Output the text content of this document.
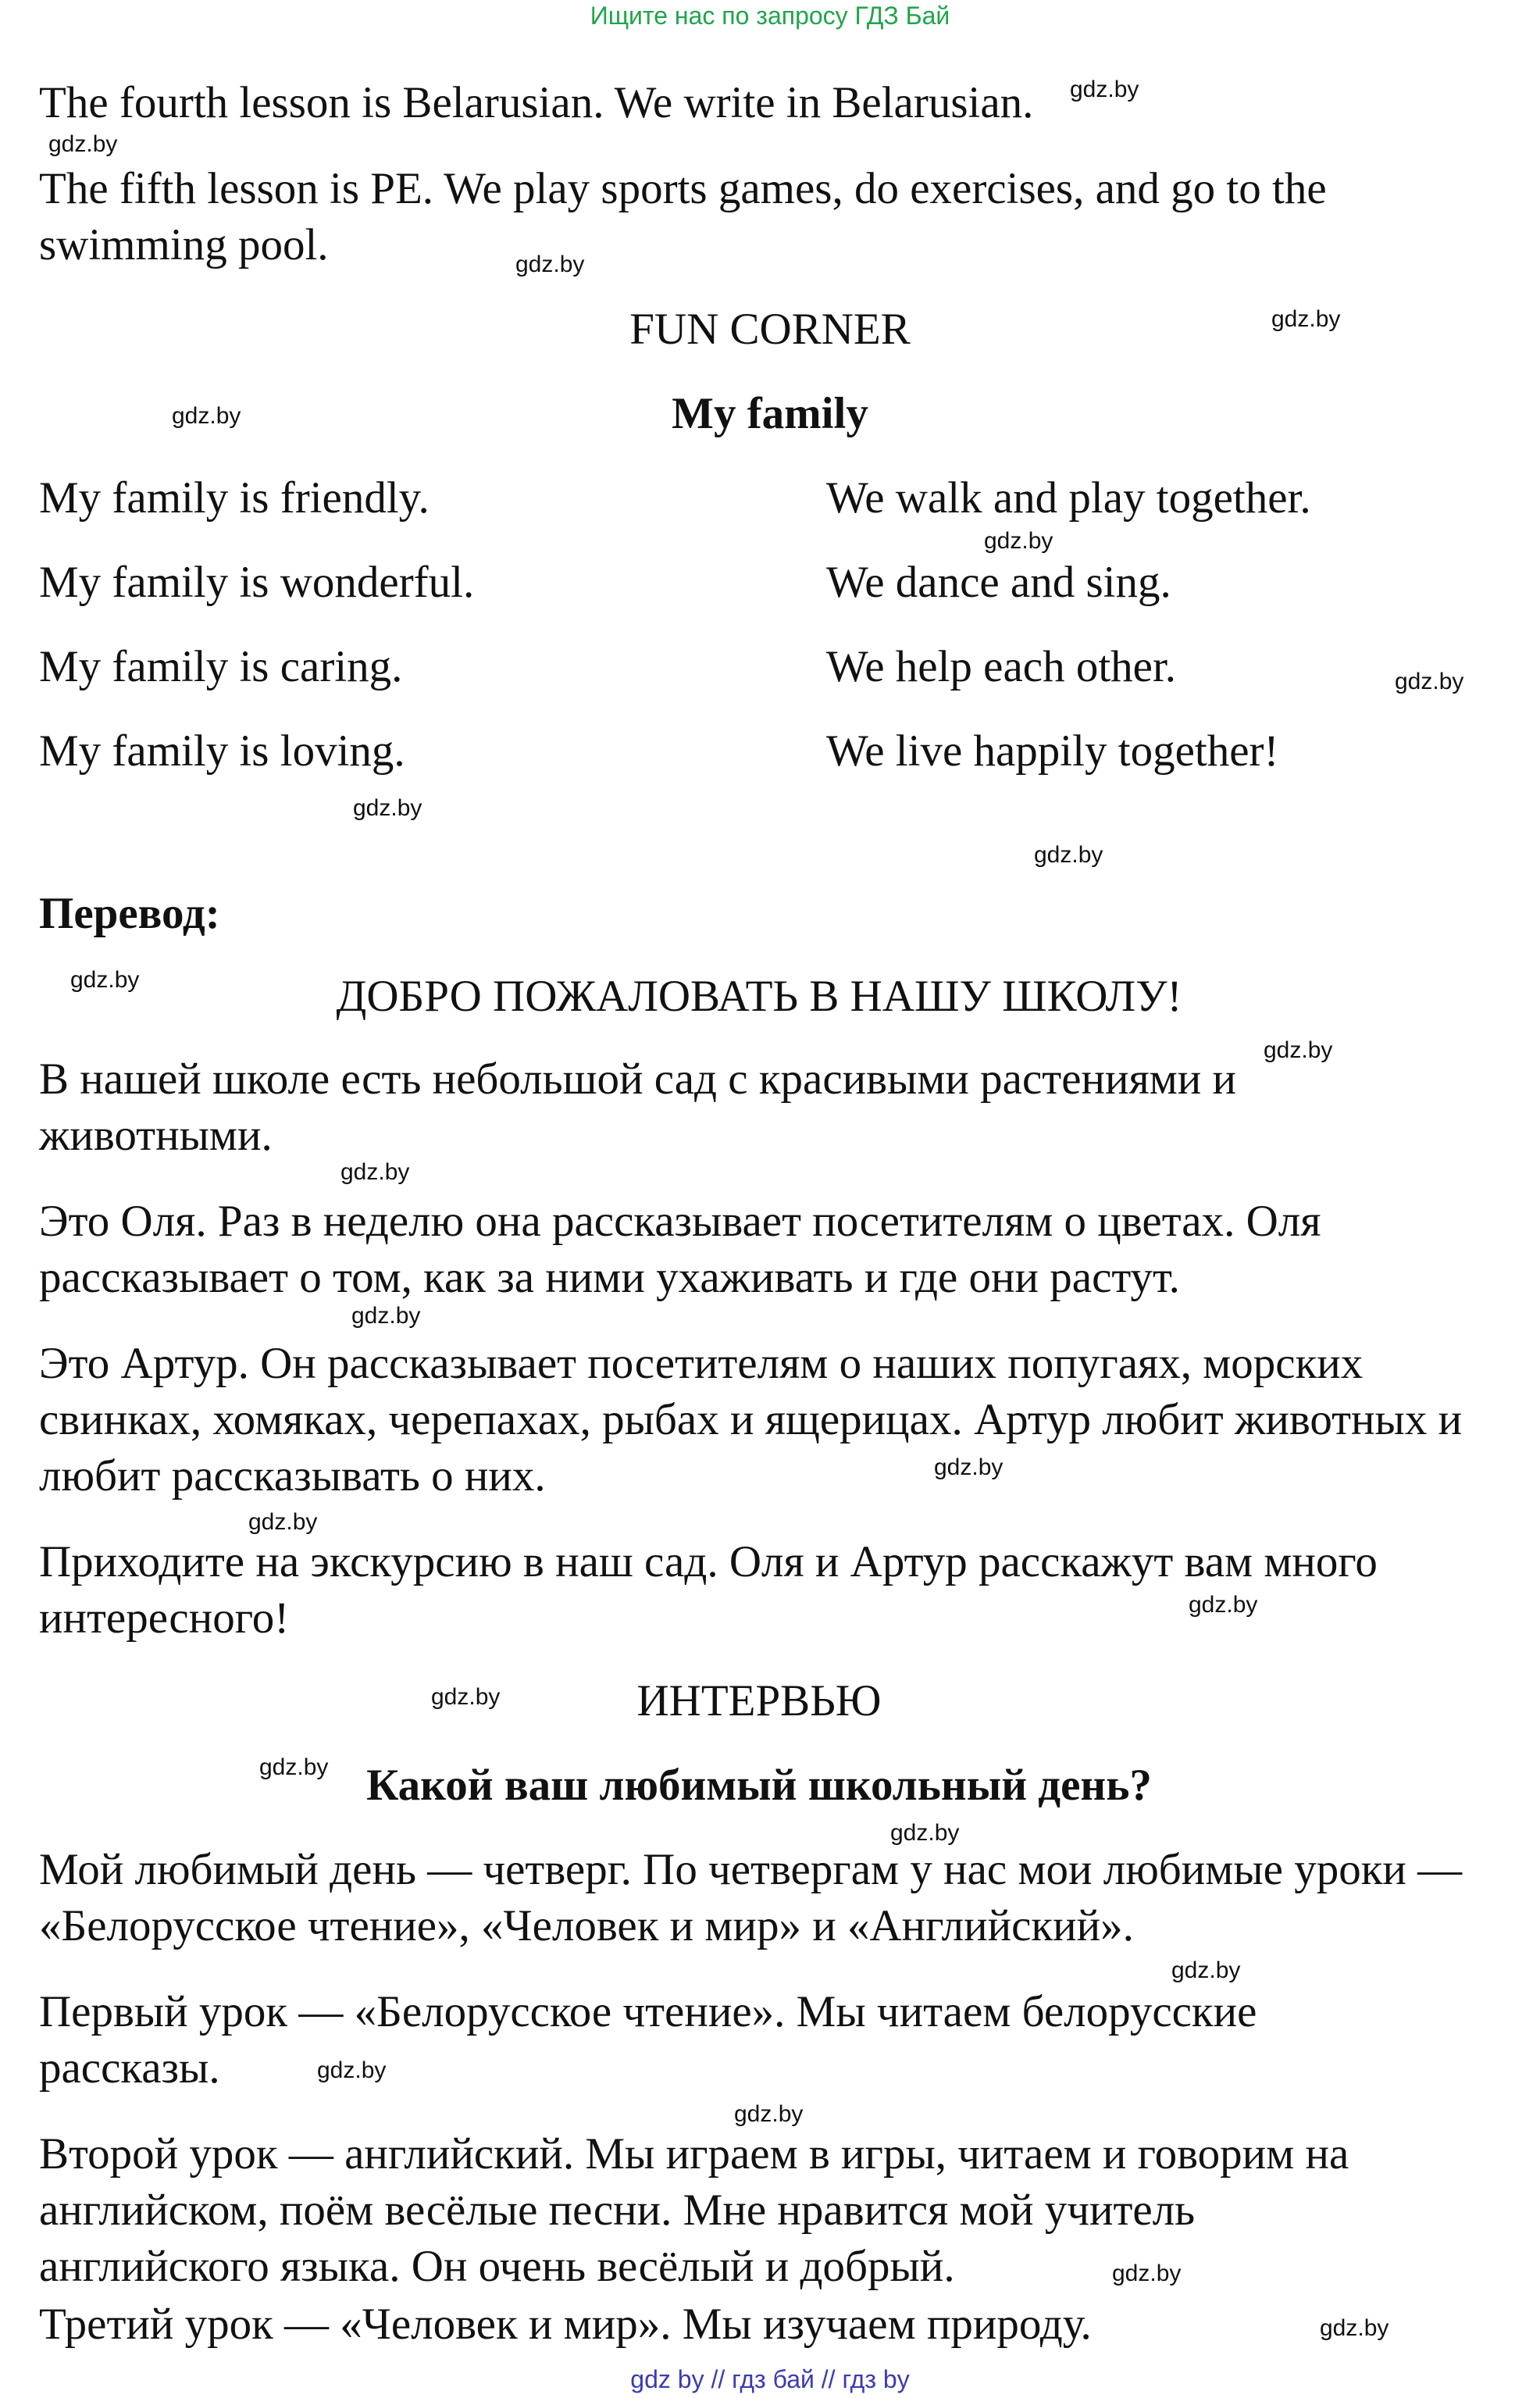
Ищите нас по запросу ГДЗ Бай

The fourth lesson is Belarusian. We write in Belarusian.

The fifth lesson is PE. We play sports games, do exercises, and go to the swimming pool.

FUN CORNER
My family
My family is friendly.
My family is wonderful.
My family is caring.
My family is loving.
We walk and play together.
We dance and sing.
We help each other.
We live happily together!
Перевод:
ДОБРО ПОЖАЛОВАТЬ В НАШУ ШКОЛУ!

В нашей школе есть небольшой сад с красивыми растениями и животными.

Это Оля. Раз в неделю она рассказывает посетителям о цветах. Оля рассказывает о том, как за ними ухаживать и где они растут.

Это Артур. Он рассказывает посетителям о наших попугаях, морских свинках, хомяках, черепахах, рыбах и ящерицах. Артур любит животных и любит рассказывать о них.

Приходите на экскурсию в наш сад. Оля и Артур расскажут вам много интересного!

ИНТЕРВЬЮ
Какой ваш любимый школьный день?

Мой любимый день — четверг. По четвергам у нас мои любимые уроки — «Белорусское чтение», «Человек и мир» и «Английский».

Первый урок — «Белорусское чтение». Мы читаем белорусские рассказы.

Второй урок — английский. Мы играем в игры, читаем и говорим на английском, поём весёлые песни. Мне нравится мой учитель английского языка. Он очень весёлый и добрый.

Третий урок — «Человек и мир». Мы изучаем природу.

gdz.by
gdz.by
gdz.by
gdz.by
gdz.by
gdz.by
gdz.by
gdz.by
gdz.by
gdz.by
gdz.by
gdz.by
gdz.by
gdz.by
gdz.by
gdz.by
gdz.by
gdz.by
gdz.by
gdz.by
gdz.by
gdz.by
gdz.by
gdz.by
gdz by // гдз бай // гдз by
